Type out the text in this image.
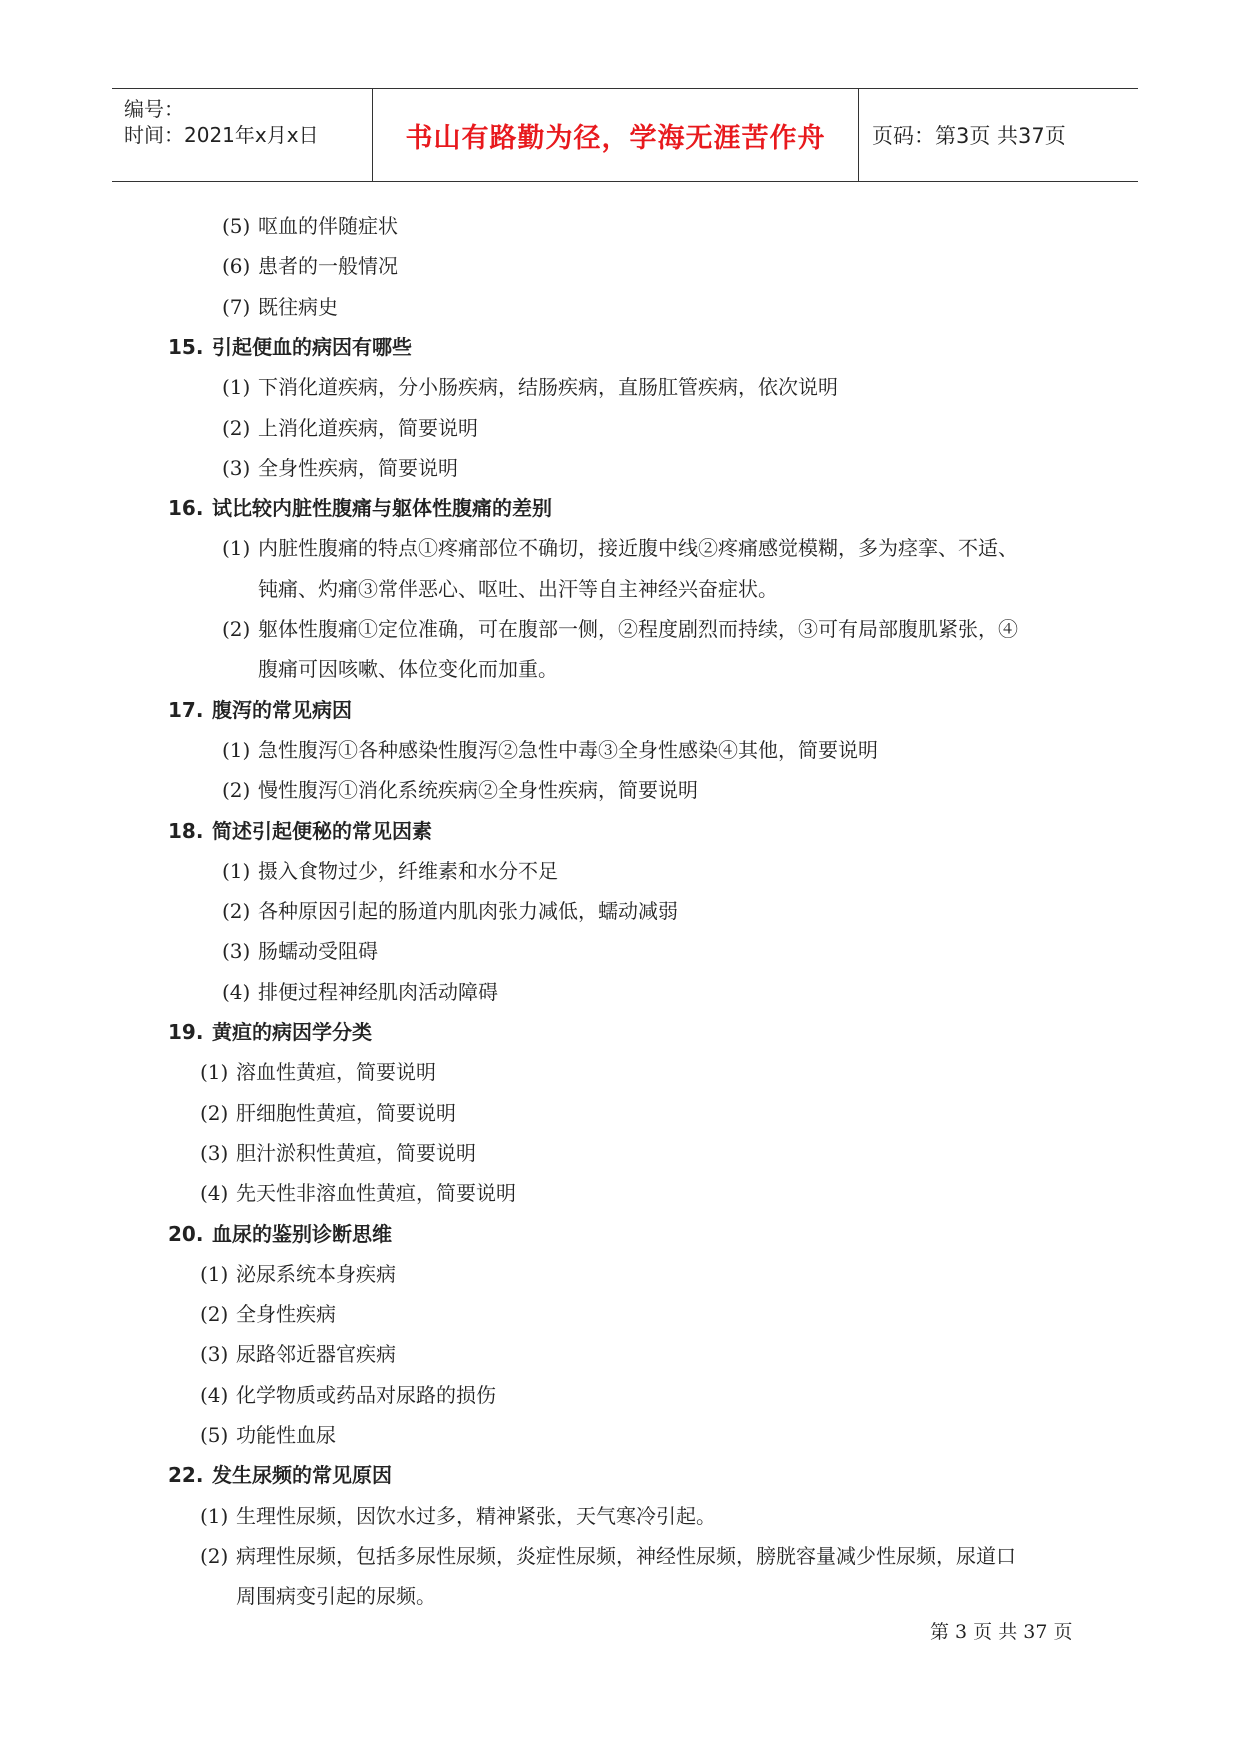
编号：
时间：2021年x月x日	书山有路勤为径，学海无涯苦作舟 页码：第3页 共37页
(5) 呕血的伴随症状
(6) 患者的一般情况
(7) 既往病史
15. 引起便血的病因有哪些
(1) 下消化道疾病，分小肠疾病，结肠疾病，直肠肛管疾病，依次说明
(2) 上消化道疾病，简要说明
(3) 全身性疾病，简要说明
16. 试比较内脏性腹痛与躯体性腹痛的差别
(1) 内脏性腹痛的特点①疼痛部位不确切，接近腹中线②疼痛感觉模糊，多为痉挛、不适、
钝痛、灼痛③常伴恶心、呕吐、出汗等自主神经兴奋症状。
(2) 躯体性腹痛①定位准确，可在腹部一侧，②程度剧烈而持续，③可有局部腹肌紧张，④
腹痛可因咳嗽、体位变化而加重。
17. 腹泻的常见病因
(1) 急性腹泻①各种感染性腹泻②急性中毒③全身性感染④其他，简要说明
(2) 慢性腹泻①消化系统疾病②全身性疾病，简要说明
18. 简述引起便秘的常见因素
(1) 摄入食物过少，纤维素和水分不足
(2) 各种原因引起的肠道内肌肉张力减低，蠕动减弱
(3) 肠蠕动受阻碍
(4) 排便过程神经肌肉活动障碍
19. 黄疸的病因学分类
(1) 溶血性黄疸，简要说明
(2) 肝细胞性黄疸，简要说明
(3) 胆汁淤积性黄疸，简要说明
(4) 先天性非溶血性黄疸，简要说明
20. 血尿的鉴别诊断思维
(1) 泌尿系统本身疾病
(2) 全身性疾病
(3) 尿路邻近器官疾病
(4) 化学物质或药品对尿路的损伤
(5) 功能性血尿
22. 发生尿频的常见原因
(1) 生理性尿频，因饮水过多，精神紧张，天气寒冷引起。
(2) 病理性尿频，包括多尿性尿频，炎症性尿频，神经性尿频，膀胱容量减少性尿频，尿道口
周围病变引起的尿频。
第 3 页 共 37 页
